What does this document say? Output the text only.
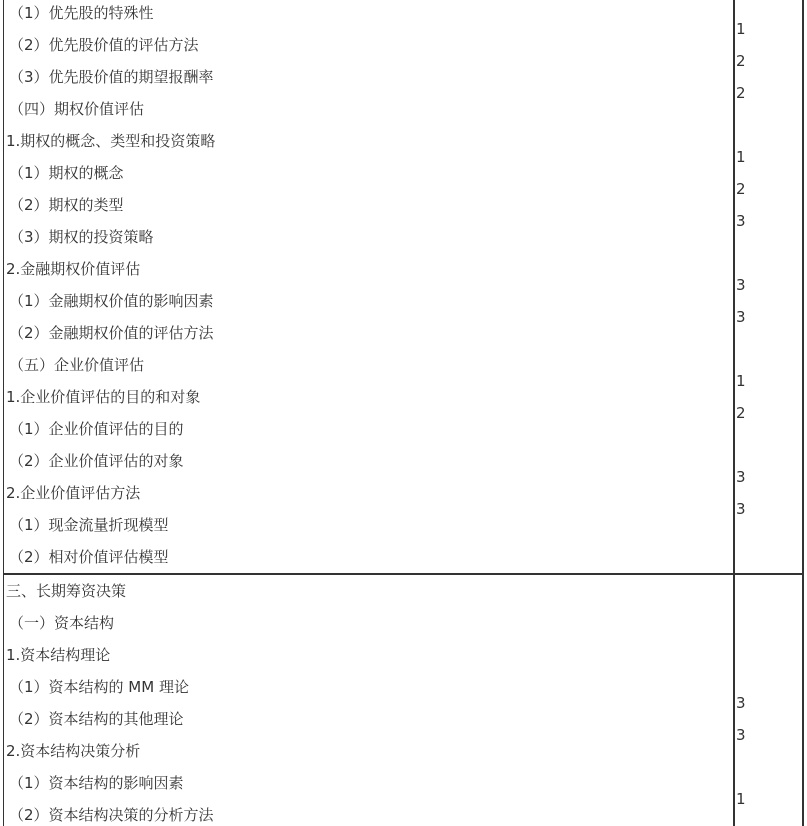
（1）优先股的特殊性
（2）优先股价值的评估方法
（3）优先股价值的期望报酬率
（四）期权价值评估
1.期权的概念、类型和投资策略
（1）期权的概念
（2）期权的类型
（3）期权的投资策略
2.金融期权价值评估
（1）金融期权价值的影响因素
（2）金融期权价值的评估方法
（五）企业价值评估
1.企业价值评估的目的和对象
（1）企业价值评估的目的
（2）企业价值评估的对象
2.企业价值评估方法
（1）现金流量折现模型
（2）相对价值评估模型
1
2
2
1
2
3
3
3
1
2
3
3
三、长期筹资决策
（一）资本结构
1.资本结构理论
（1）资本结构的 MM 理论
（2）资本结构的其他理论
2.资本结构决策分析
（1）资本结构的影响因素
（2）资本结构决策的分析方法
3
3
1
